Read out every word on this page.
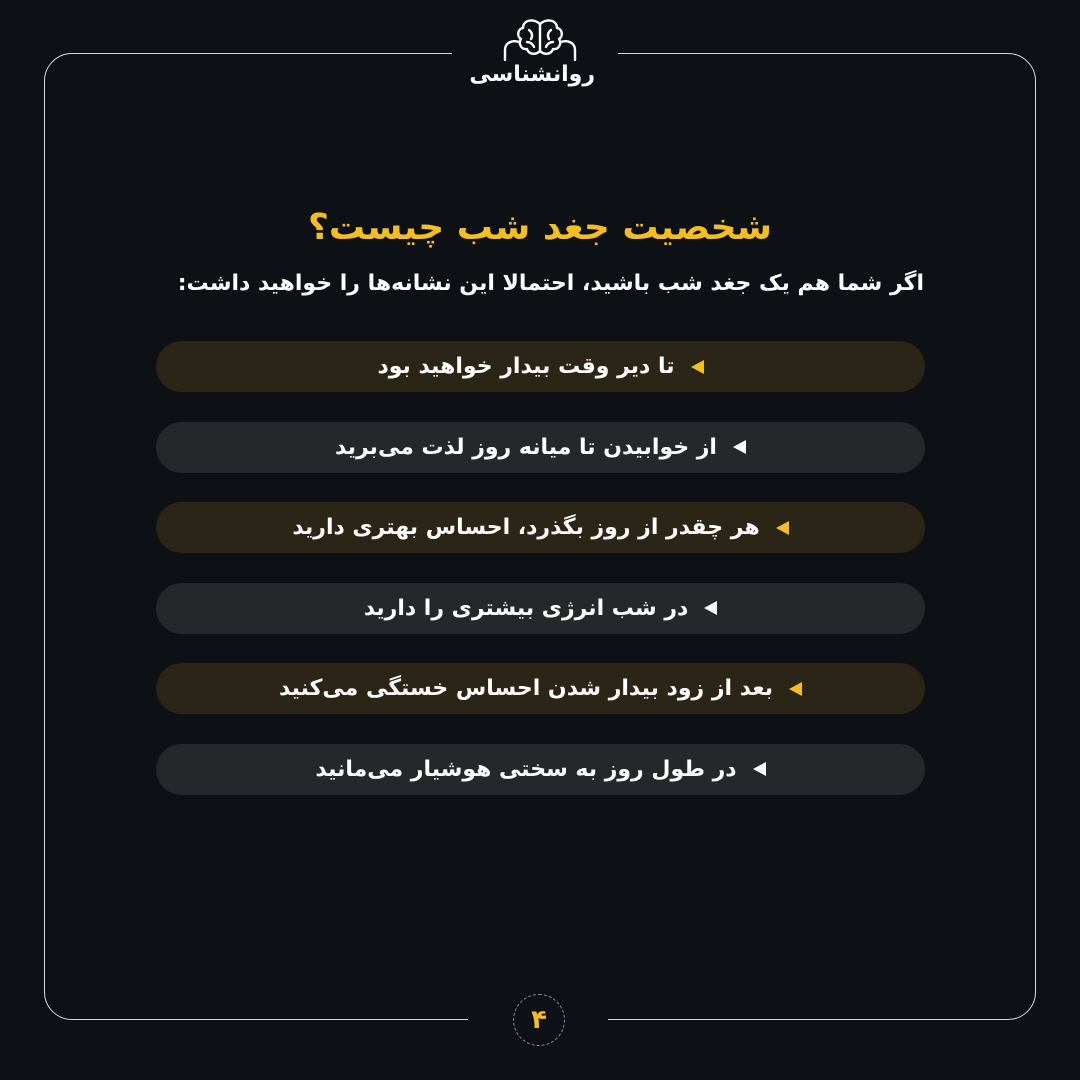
روانشناسی
شخصیت جغد شب چیست؟
اگر شما هم یک جغد شب باشید، احتمالا این نشانه‌ها را خواهید داشت:
تا دیر وقت بیدار خواهید بود
از خوابیدن تا میانه روز لذت می‌برید
هر چقدر از روز بگذرد، احساس بهتری دارید
در شب انرژی بیشتری را دارید
بعد از زود بیدار شدن احساس خستگی می‌کنید
در طول روز به سختی هوشیار می‌مانید
۴
